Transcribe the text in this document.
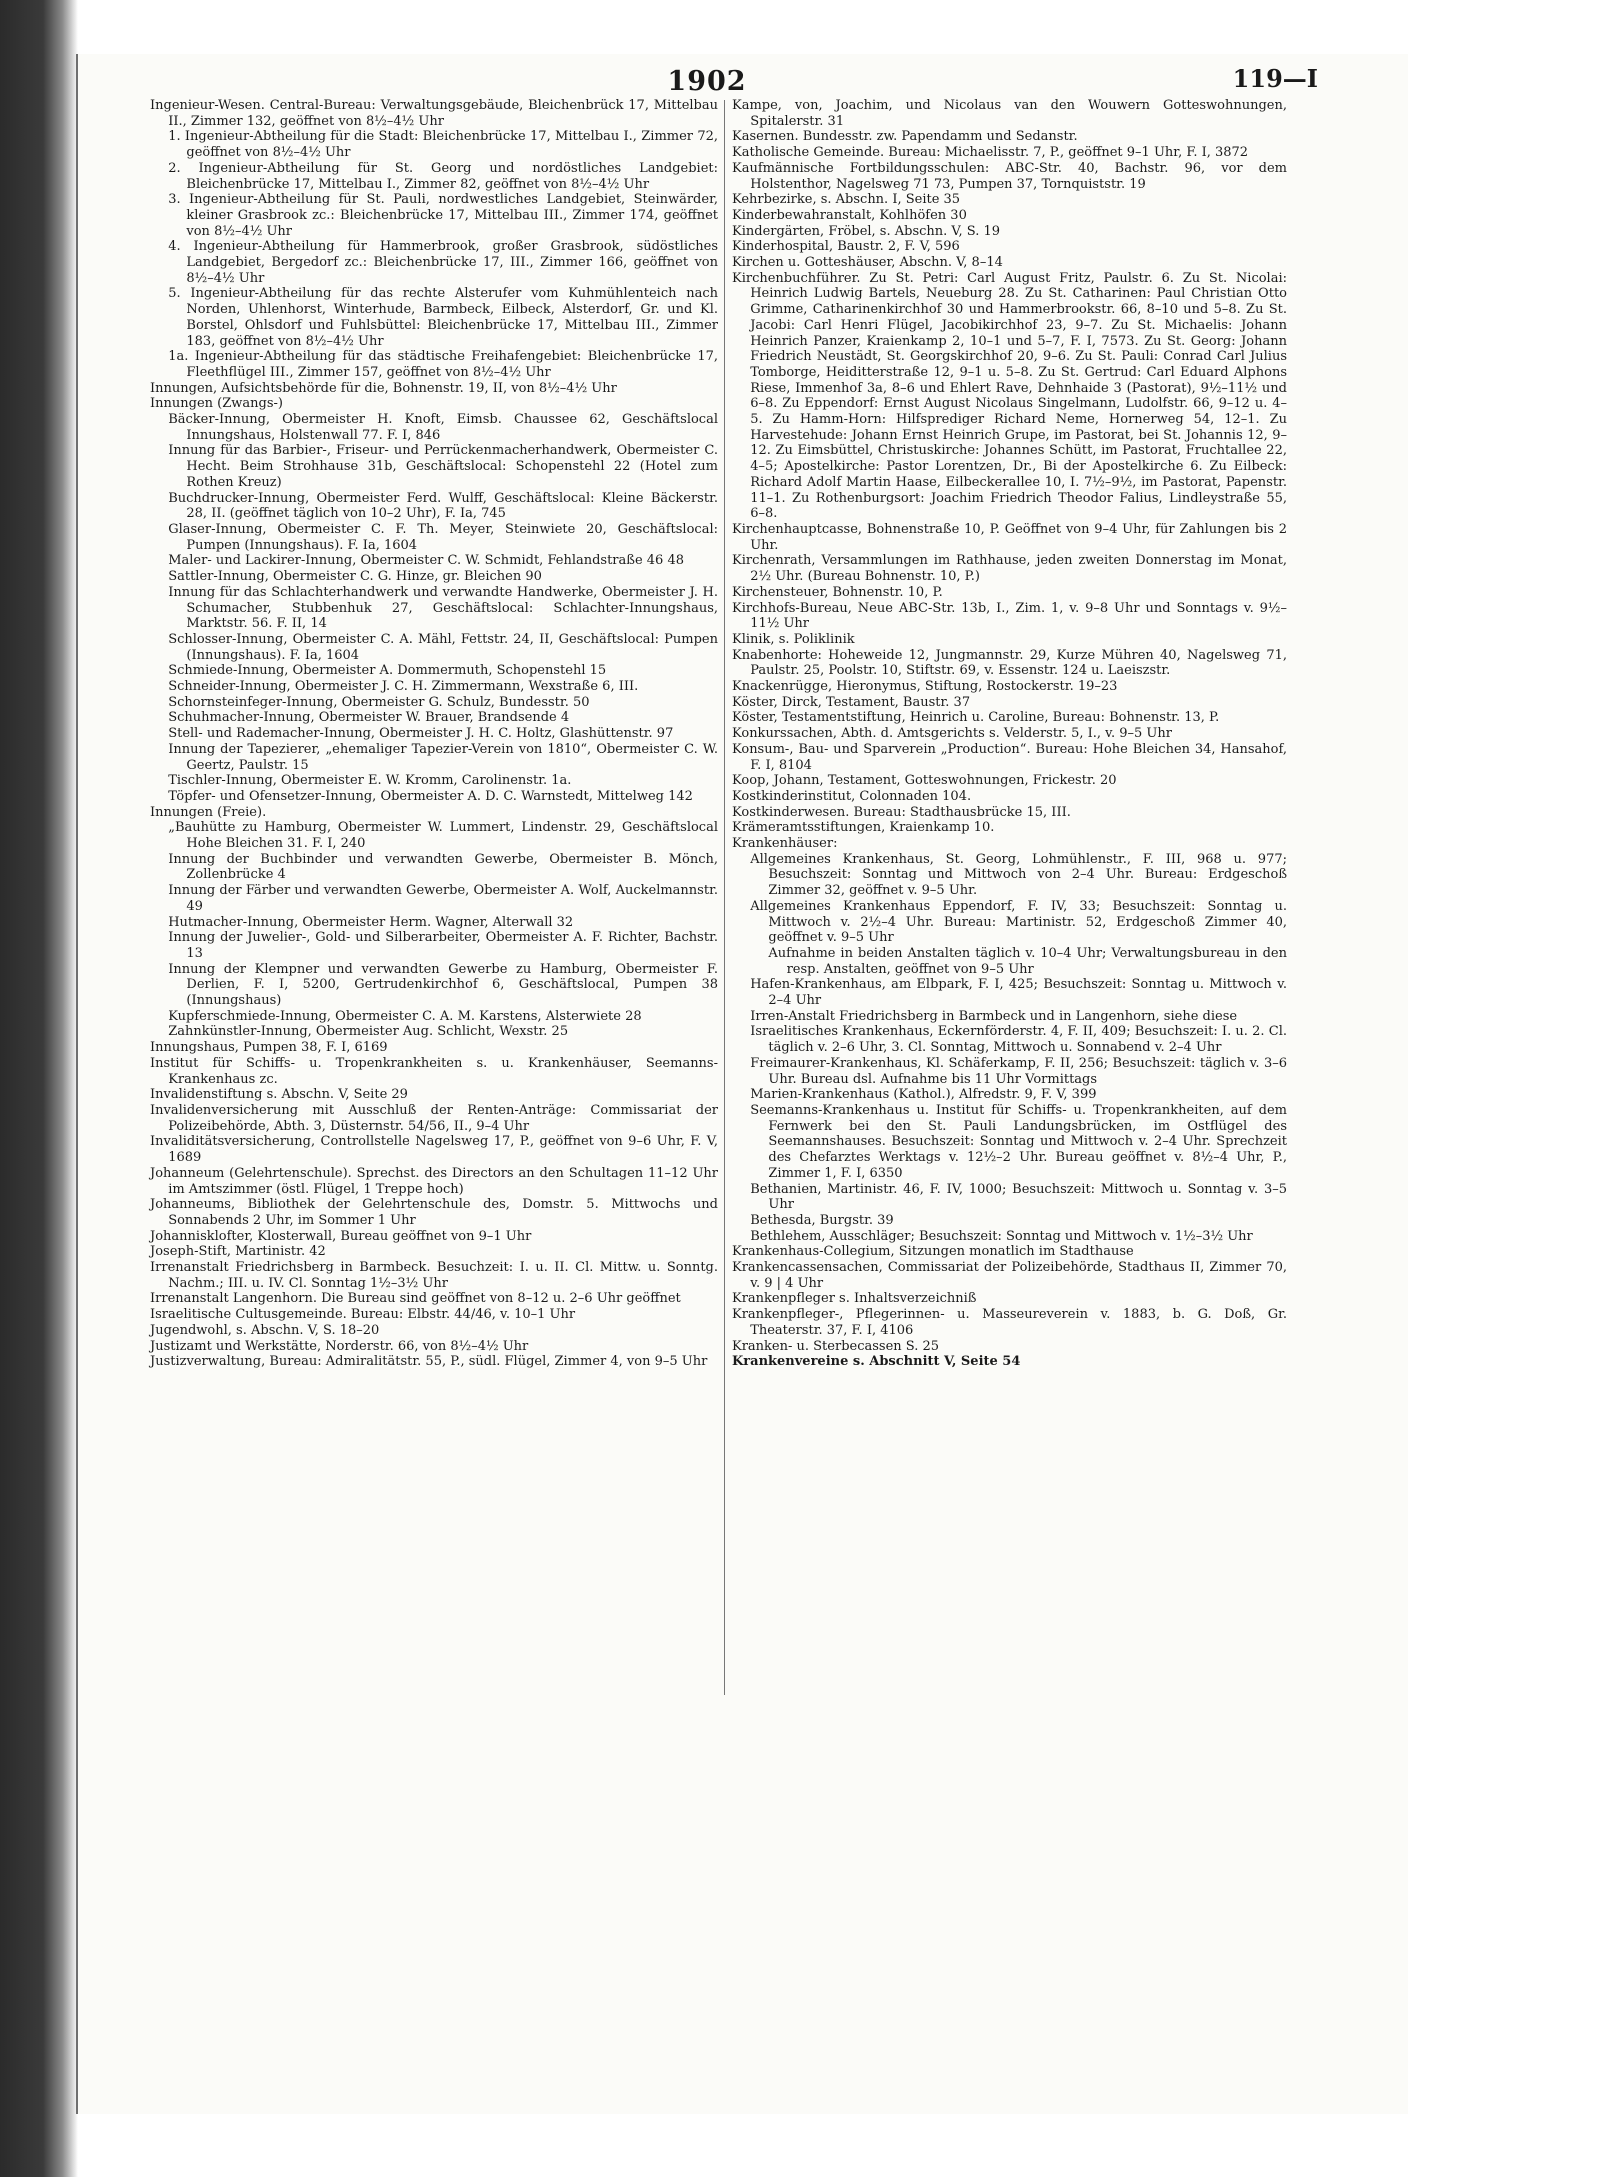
1902	119—I

Ingenieur-Wesen. Central-Bureau: Verwaltungsgebäude, Bleichenbrück 17, Mittelbau II., Zimmer 132, geöffnet von 8½–4½ Uhr

1. Ingenieur-Abtheilung für die Stadt: Bleichenbrücke 17, Mittelbau I., Zimmer 72, geöffnet von 8½–4½ Uhr

2. Ingenieur-Abtheilung für St. Georg und nordöstliches Landgebiet: Bleichenbrücke 17, Mittelbau I., Zimmer 82, geöffnet von 8½–4½ Uhr

3. Ingenieur-Abtheilung für St. Pauli, nordwestliches Landgebiet, Steinwärder, kleiner Grasbrook zc.: Bleichenbrücke 17, Mittelbau III., Zimmer 174, geöffnet von 8½–4½ Uhr

4. Ingenieur-Abtheilung für Hammerbrook, großer Grasbrook, südöstliches Landgebiet, Bergedorf zc.: Bleichenbrücke 17, III., Zimmer 166, geöffnet von 8½–4½ Uhr

5. Ingenieur-Abtheilung für das rechte Alsterufer vom Kuhmühlenteich nach Norden, Uhlenhorst, Winterhude, Barmbeck, Eilbeck, Alsterdorf, Gr. und Kl. Borstel, Ohlsdorf und Fuhlsbüttel: Bleichenbrücke 17, Mittelbau III., Zimmer 183, geöffnet von 8½–4½ Uhr

1a. Ingenieur-Abtheilung für das städtische Freihafengebiet: Bleichenbrücke 17, Fleethflügel III., Zimmer 157, geöffnet von 8½–4½ Uhr

Innungen, Aufsichtsbehörde für die, Bohnenstr. 19, II, von 8½–4½ Uhr

Innungen (Zwangs-)

Bäcker-Innung, Obermeister H. Knoft, Eimsb. Chaussee 62, Geschäftslocal Innungshaus, Holstenwall 77. F. I, 846

Innung für das Barbier-, Friseur- und Perrückenmacherhandwerk, Obermeister C. Hecht. Beim Strohhause 31b, Geschäftslocal: Schopenstehl 22 (Hotel zum Rothen Kreuz)

Buchdrucker-Innung, Obermeister Ferd. Wulff, Geschäftslocal: Kleine Bäckerstr. 28, II. (geöffnet täglich von 10–2 Uhr), F. Ia, 745

Glaser-Innung, Obermeister C. F. Th. Meyer, Steinwiete 20, Geschäftslocal: Pumpen (Innungshaus). F. Ia, 1604

Maler- und Lackirer-Innung, Obermeister C. W. Schmidt, Fehlandstraße 46 48

Sattler-Innung, Obermeister C. G. Hinze, gr. Bleichen 90

Innung für das Schlachterhandwerk und verwandte Handwerke, Obermeister J. H. Schumacher, Stubbenhuk 27, Geschäftslocal: Schlachter-Innungshaus, Marktstr. 56. F. II, 14

Schlosser-Innung, Obermeister C. A. Mähl, Fettstr. 24, II, Geschäftslocal: Pumpen (Innungshaus). F. Ia, 1604

Schmiede-Innung, Obermeister A. Dommermuth, Schopenstehl 15

Schneider-Innung, Obermeister J. C. H. Zimmermann, Wexstraße 6, III.

Schornsteinfeger-Innung, Obermeister G. Schulz, Bundesstr. 50

Schuhmacher-Innung, Obermeister W. Brauer, Brandsende 4

Stell- und Rademacher-Innung, Obermeister J. H. C. Holtz, Glashüttenstr. 97

Innung der Tapezierer, „ehemaliger Tapezier-Verein von 1810“, Obermeister C. W. Geertz, Paulstr. 15

Tischler-Innung, Obermeister E. W. Kromm, Carolinenstr. 1a.

Töpfer- und Ofensetzer-Innung, Obermeister A. D. C. Warnstedt, Mittelweg 142

Innungen (Freie).

„Bauhütte zu Hamburg, Obermeister W. Lummert, Lindenstr. 29, Geschäftslocal Hohe Bleichen 31. F. I, 240

Innung der Buchbinder und verwandten Gewerbe, Obermeister B. Mönch, Zollenbrücke 4

Innung der Färber und verwandten Gewerbe, Obermeister A. Wolf, Auckelmannstr. 49

Hutmacher-Innung, Obermeister Herm. Wagner, Alterwall 32

Innung der Juwelier-, Gold- und Silberarbeiter, Obermeister A. F. Richter, Bachstr. 13

Innung der Klempner und verwandten Gewerbe zu Hamburg, Obermeister F. Derlien, F. I, 5200, Gertrudenkirchhof 6, Geschäftslocal, Pumpen 38 (Innungshaus)

Kupferschmiede-Innung, Obermeister C. A. M. Karstens, Alsterwiete 28

Zahnkünstler-Innung, Obermeister Aug. Schlicht, Wexstr. 25

Innungshaus, Pumpen 38, F. I, 6169

Institut für Schiffs- u. Tropenkrankheiten s. u. Krankenhäuser, Seemanns-Krankenhaus zc.

Invalidenstiftung s. Abschn. V, Seite 29

Invalidenversicherung mit Ausschluß der Renten-Anträge: Commissariat der Polizeibehörde, Abth. 3, Düsternstr. 54/56, II., 9–4 Uhr

Invaliditätsversicherung, Controllstelle Nagelsweg 17, P., geöffnet von 9–6 Uhr, F. V, 1689

Johanneum (Gelehrtenschule). Sprechst. des Directors an den Schultagen 11–12 Uhr im Amtszimmer (östl. Flügel, 1 Treppe hoch)

Johanneums, Bibliothek der Gelehrtenschule des, Domstr. 5. Mittwochs und Sonnabends 2 Uhr, im Sommer 1 Uhr

Johannisklofter, Klosterwall, Bureau geöffnet von 9–1 Uhr

Joseph-Stift, Martinistr. 42

Irrenanstalt Friedrichsberg in Barmbeck. Besuchzeit: I. u. II. Cl. Mittw. u. Sonntg. Nachm.; III. u. IV. Cl. Sonntag 1½–3½ Uhr

Irrenanstalt Langenhorn. Die Bureau sind geöffnet von 8–12 u. 2–6 Uhr geöffnet

Israelitische Cultusgemeinde. Bureau: Elbstr. 44/46, v. 10–1 Uhr

Jugendwohl, s. Abschn. V, S. 18–20

Justizamt und Werkstätte, Norderstr. 66, von 8½–4½ Uhr

Justizverwaltung, Bureau: Admiralitätstr. 55, P., südl. Flügel, Zimmer 4, von 9–5 Uhr

Kampe, von, Joachim, und Nicolaus van den Wouwern Gotteswohnungen, Spitalerstr. 31

Kasernen. Bundesstr. zw. Papendamm und Sedanstr.

Katholische Gemeinde. Bureau: Michaelisstr. 7, P., geöffnet 9–1 Uhr, F. I, 3872

Kaufmännische Fortbildungsschulen: ABC-Str. 40, Bachstr. 96, vor dem Holstenthor, Nagelsweg 71 73, Pumpen 37, Tornquiststr. 19

Kehrbezirke, s. Abschn. I, Seite 35

Kinderbewahranstalt, Kohlhöfen 30

Kindergärten, Fröbel, s. Abschn. V, S. 19

Kinderhospital, Baustr. 2, F. V, 596

Kirchen u. Gotteshäuser, Abschn. V, 8–14

Kirchenbuchführer. Zu St. Petri: Carl August Fritz, Paulstr. 6. Zu St. Nicolai: Heinrich Ludwig Bartels, Neueburg 28. Zu St. Catharinen: Paul Christian Otto Grimme, Catharinenkirchhof 30 und Hammerbrookstr. 66, 8–10 und 5–8. Zu St. Jacobi: Carl Henri Flügel, Jacobikirchhof 23, 9–7. Zu St. Michaelis: Johann Heinrich Panzer, Kraienkamp 2, 10–1 und 5–7, F. I, 7573. Zu St. Georg: Johann Friedrich Neustädt, St. Georgskirchhof 20, 9–6. Zu St. Pauli: Conrad Carl Julius Tomborge, Heiditterstraße 12, 9–1 u. 5–8. Zu St. Gertrud: Carl Eduard Alphons Riese, Immenhof 3a, 8–6 und Ehlert Rave, Dehnhaide 3 (Pastorat), 9½–11½ und 6–8. Zu Eppendorf: Ernst August Nicolaus Singelmann, Ludolfstr. 66, 9–12 u. 4–5. Zu Hamm-Horn: Hilfsprediger Richard Neme, Hornerweg 54, 12–1. Zu Harvestehude: Johann Ernst Heinrich Grupe, im Pastorat, bei St. Johannis 12, 9–12. Zu Eimsbüttel, Christuskirche: Johannes Schütt, im Pastorat, Fruchtallee 22, 4–5; Apostelkirche: Pastor Lorentzen, Dr., Bi der Apostelkirche 6. Zu Eilbeck: Richard Adolf Martin Haase, Eilbeckerallee 10, I. 7½–9½, im Pastorat, Papenstr. 11–1. Zu Rothenburgsort: Joachim Friedrich Theodor Falius, Lindleystraße 55, 6–8.

Kirchenhauptcasse, Bohnenstraße 10, P. Geöffnet von 9–4 Uhr, für Zahlungen bis 2 Uhr.

Kirchenrath, Versammlungen im Rathhause, jeden zweiten Donnerstag im Monat, 2½ Uhr. (Bureau Bohnenstr. 10, P.)

Kirchensteuer, Bohnenstr. 10, P.

Kirchhofs-Bureau, Neue ABC-Str. 13b, I., Zim. 1, v. 9–8 Uhr und Sonntags v. 9½–11½ Uhr

Klinik, s. Poliklinik

Knabenhorte: Hoheweide 12, Jungmannstr. 29, Kurze Mühren 40, Nagelsweg 71, Paulstr. 25, Poolstr. 10, Stiftstr. 69, v. Essenstr. 124 u. Laeiszstr.

Knackenrügge, Hieronymus, Stiftung, Rostockerstr. 19–23

Köster, Dirck, Testament, Baustr. 37

Köster, Testamentstiftung, Heinrich u. Caroline, Bureau: Bohnenstr. 13, P.

Konkurssachen, Abth. d. Amtsgerichts s. Velderstr. 5, I., v. 9–5 Uhr

Konsum-, Bau- und Sparverein „Production“. Bureau: Hohe Bleichen 34, Hansahof, F. I, 8104

Koop, Johann, Testament, Gotteswohnungen, Frickestr. 20

Kostkinderinstitut, Colonnaden 104.

Kostkinderwesen. Bureau: Stadthausbrücke 15, III.

Krämeramtsstiftungen, Kraienkamp 10.

Krankenhäuser:

Allgemeines Krankenhaus, St. Georg, Lohmühlenstr., F. III, 968 u. 977; Besuchszeit: Sonntag und Mittwoch von 2–4 Uhr. Bureau: Erdgeschoß Zimmer 32, geöffnet v. 9–5 Uhr.

Allgemeines Krankenhaus Eppendorf, F. IV, 33; Besuchszeit: Sonntag u. Mittwoch v. 2½–4 Uhr. Bureau: Martinistr. 52, Erdgeschoß Zimmer 40, geöffnet v. 9–5 Uhr

Aufnahme in beiden Anstalten täglich v. 10–4 Uhr; Verwaltungsbureau in den resp. Anstalten, geöffnet von 9–5 Uhr

Hafen-Krankenhaus, am Elbpark, F. I, 425; Besuchszeit: Sonntag u. Mittwoch v. 2–4 Uhr

Irren-Anstalt Friedrichsberg in Barmbeck und in Langenhorn, siehe diese

Israelitisches Krankenhaus, Eckernförderstr. 4, F. II, 409; Besuchszeit: I. u. 2. Cl. täglich v. 2–6 Uhr, 3. Cl. Sonntag, Mittwoch u. Sonnabend v. 2–4 Uhr

Freimaurer-Krankenhaus, Kl. Schäferkamp, F. II, 256; Besuchszeit: täglich v. 3–6 Uhr. Bureau dsl. Aufnahme bis 11 Uhr Vormittags

Marien-Krankenhaus (Kathol.), Alfredstr. 9, F. V, 399

Seemanns-Krankenhaus u. Institut für Schiffs- u. Tropenkrankheiten, auf dem Fernwerk bei den St. Pauli Landungsbrücken, im Ostflügel des Seemannshauses. Besuchszeit: Sonntag und Mittwoch v. 2–4 Uhr. Sprechzeit des Chefarztes Werktags v. 12½–2 Uhr. Bureau geöffnet v. 8½–4 Uhr, P., Zimmer 1, F. I, 6350

Bethanien, Martinistr. 46, F. IV, 1000; Besuchszeit: Mittwoch u. Sonntag v. 3–5 Uhr

Bethesda, Burgstr. 39

Bethlehem, Ausschläger; Besuchszeit: Sonntag und Mittwoch v. 1½–3½ Uhr

Krankenhaus-Collegium, Sitzungen monatlich im Stadthause

Krankencassensachen, Commissariat der Polizeibehörde, Stadthaus II, Zimmer 70, v. 9 | 4 Uhr

Krankenpfleger s. Inhaltsverzeichniß

Krankenpfleger-, Pflegerinnen- u. Masseureverein v. 1883, b. G. Doß, Gr. Theaterstr. 37, F. I, 4106

Kranken- u. Sterbecassen S. 25

Krankenvereine s. Abschnitt V, Seite 54
